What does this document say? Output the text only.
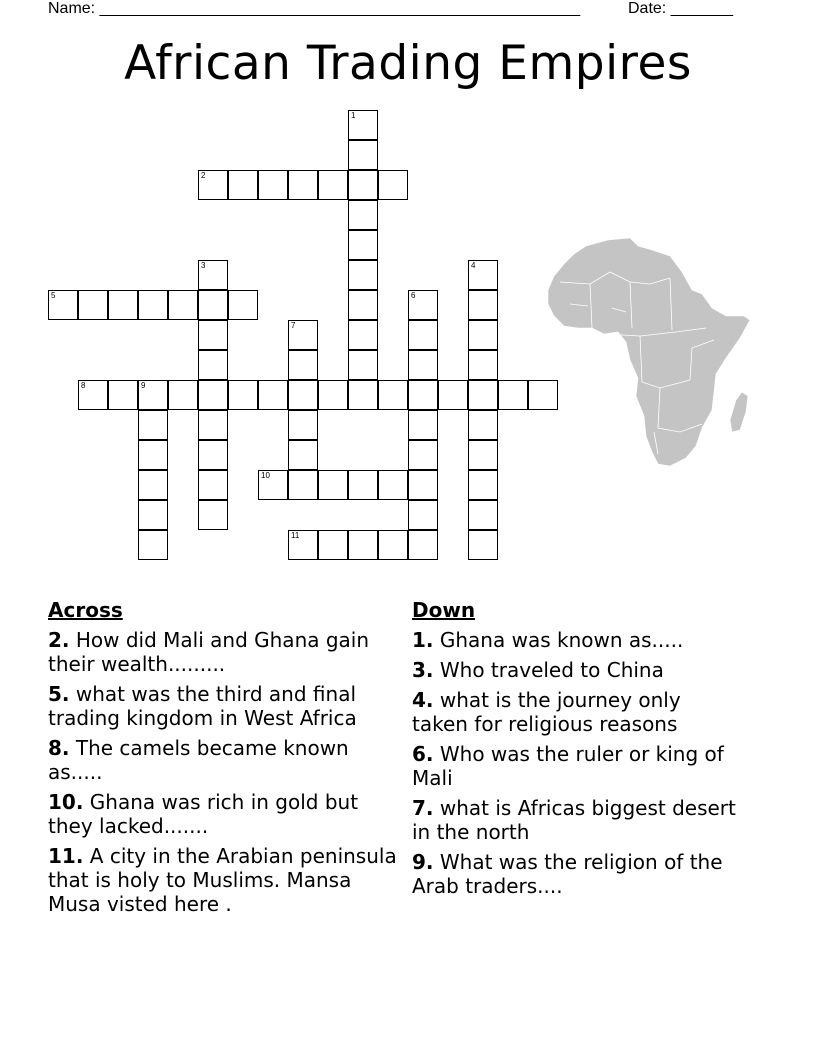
Name: ______________________________________________________	Date: _______
African Trading Empires
1
2
3	4
5	6
7
8	9
10
11
Across
2. How did Mali and Ghana gain their wealth.........
5. what was the third and final trading kingdom in West Africa
8. The camels became known as.....
10. Ghana was rich in gold but they lacked.......
11. A city in the Arabian peninsula that is holy to Muslims. Mansa Musa visted here .
Down
1. Ghana was known as.....
3. Who traveled to China
4. what is the journey only taken for religious reasons
6. Who was the ruler or king of Mali
7. what is Africas biggest desert in the north
9. What was the religion of the Arab traders....
